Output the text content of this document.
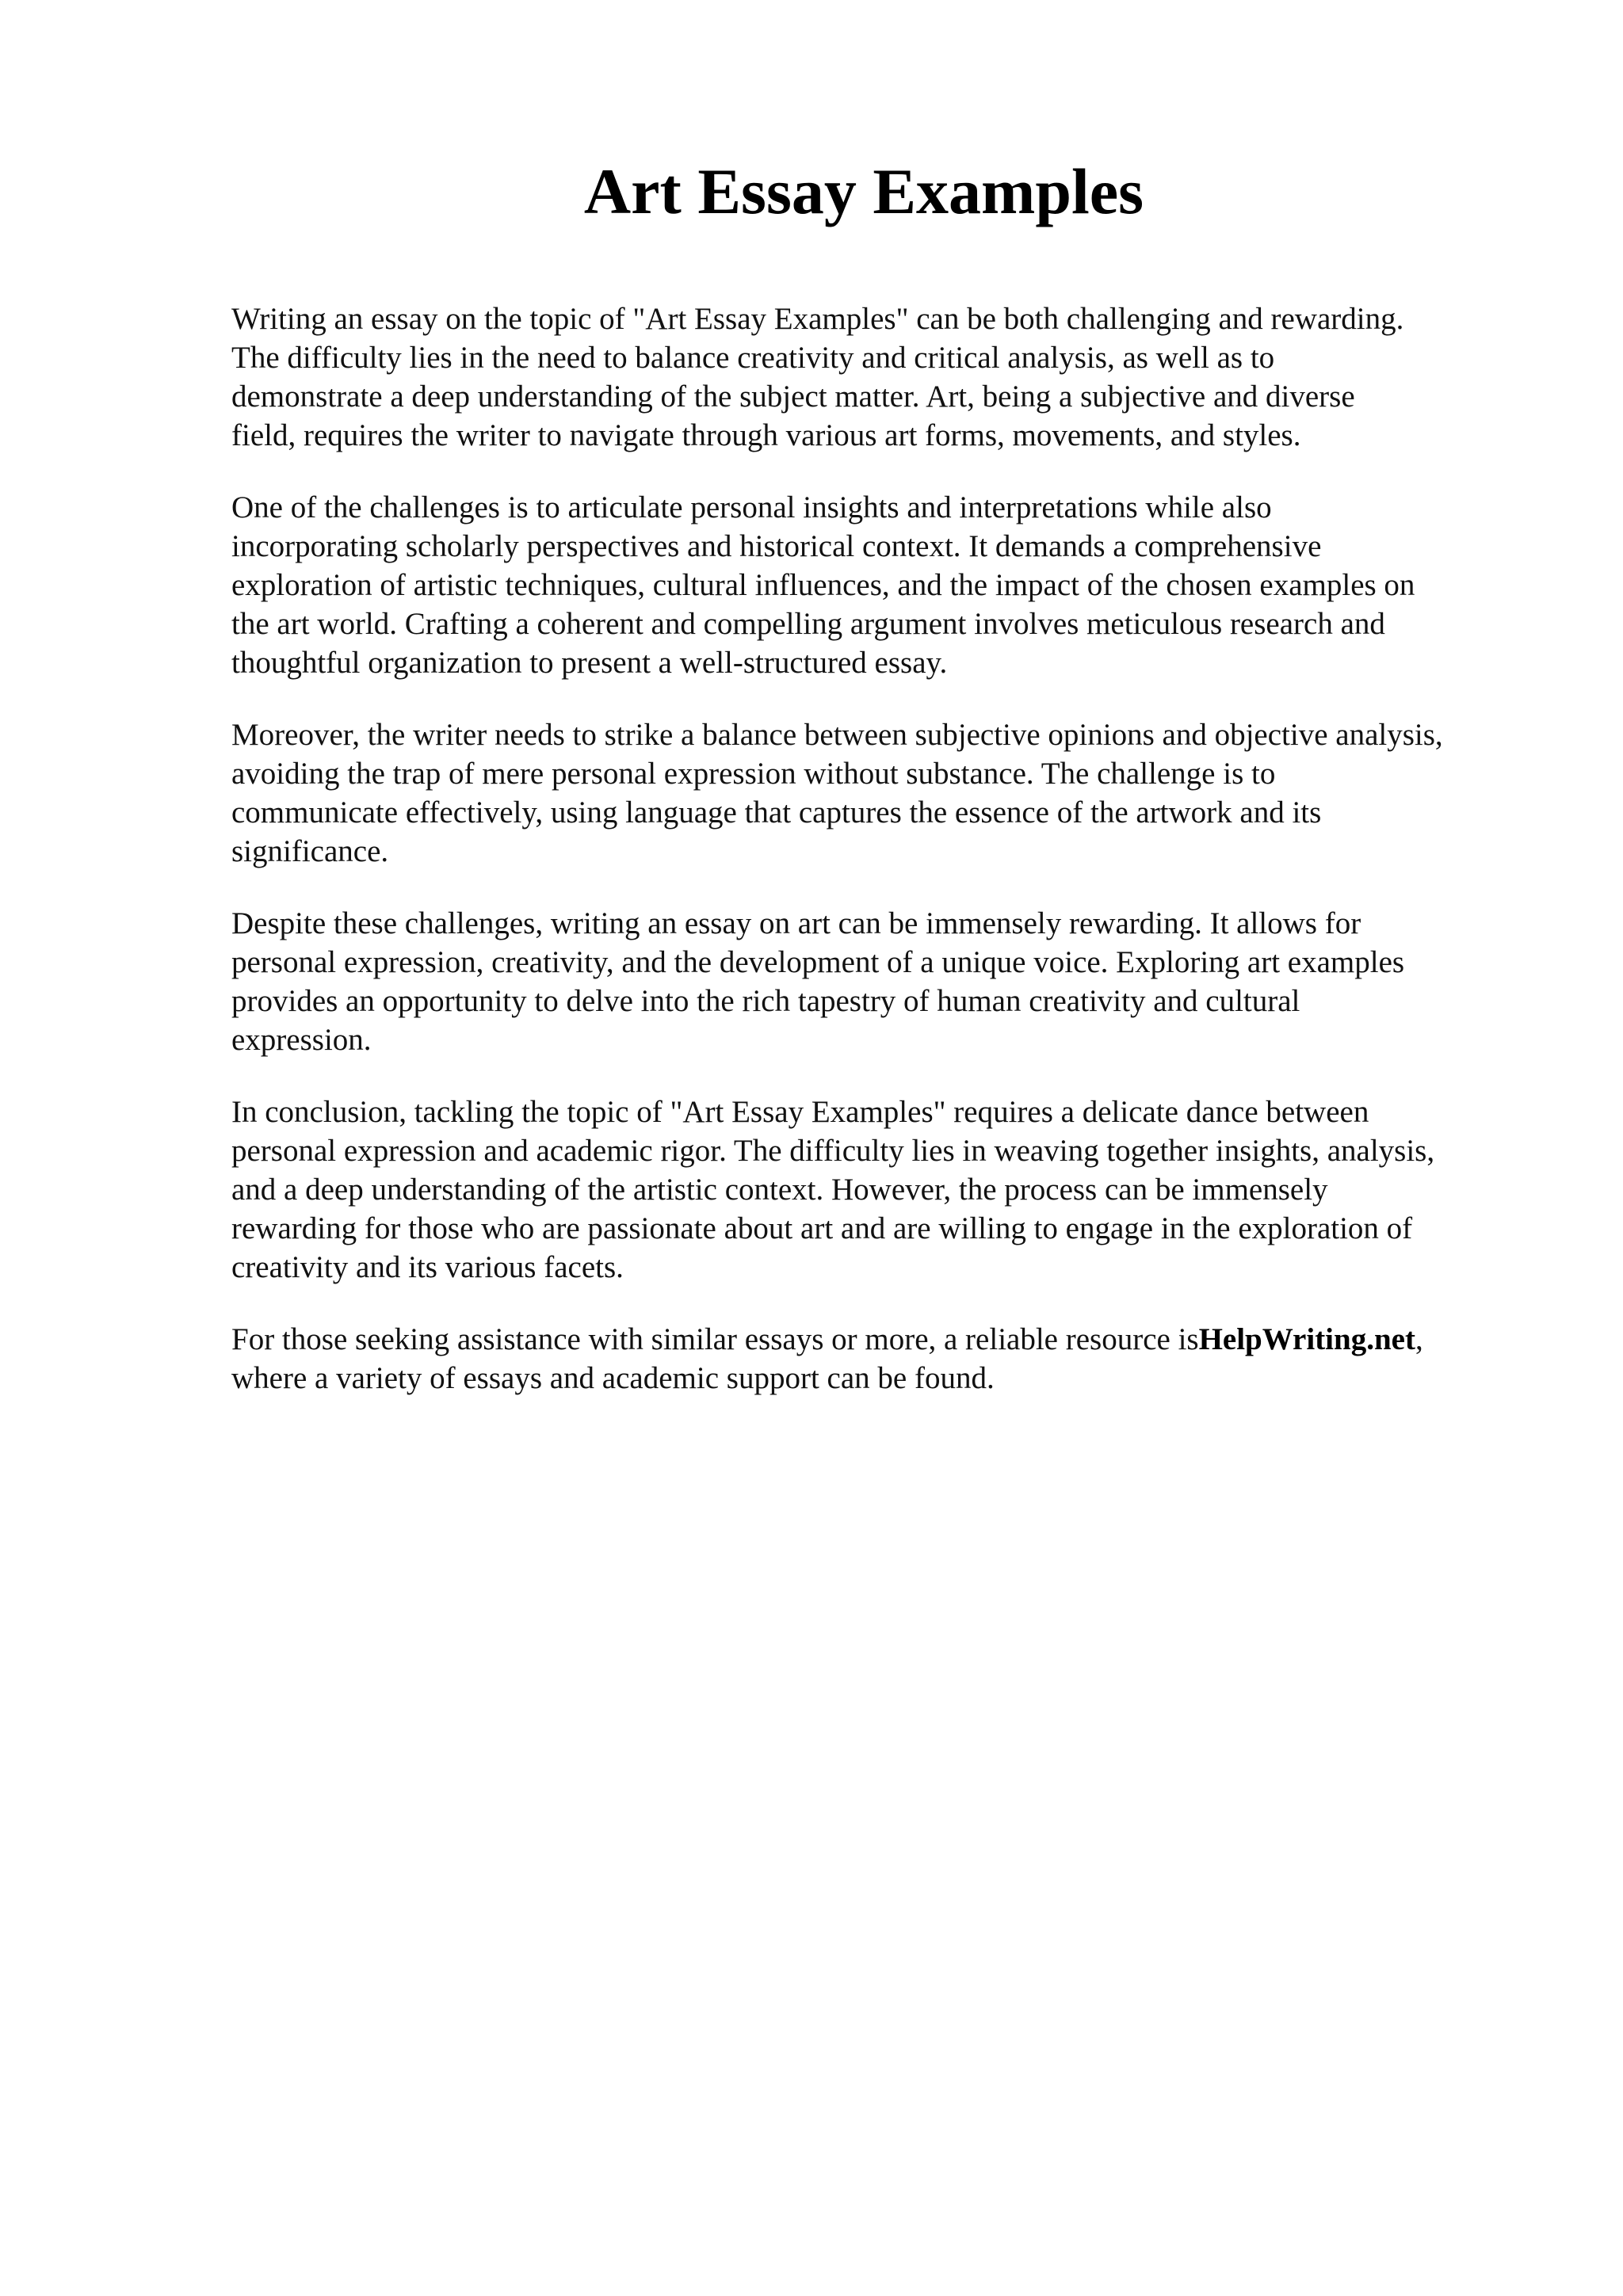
Art Essay Examples

Writing an essay on the topic of "Art Essay Examples" can be both challenging and rewarding.
The difficulty lies in the need to balance creativity and critical analysis, as well as to
demonstrate a deep understanding of the subject matter. Art, being a subjective and diverse
field, requires the writer to navigate through various art forms, movements, and styles.

One of the challenges is to articulate personal insights and interpretations while also
incorporating scholarly perspectives and historical context. It demands a comprehensive
exploration of artistic techniques, cultural influences, and the impact of the chosen examples on
the art world. Crafting a coherent and compelling argument involves meticulous research and
thoughtful organization to present a well-structured essay.

Moreover, the writer needs to strike a balance between subjective opinions and objective analysis,
avoiding the trap of mere personal expression without substance. The challenge is to
communicate effectively, using language that captures the essence of the artwork and its
significance.

Despite these challenges, writing an essay on art can be immensely rewarding. It allows for
personal expression, creativity, and the development of a unique voice. Exploring art examples
provides an opportunity to delve into the rich tapestry of human creativity and cultural
expression.

In conclusion, tackling the topic of "Art Essay Examples" requires a delicate dance between
personal expression and academic rigor. The difficulty lies in weaving together insights, analysis,
and a deep understanding of the artistic context. However, the process can be immensely
rewarding for those who are passionate about art and are willing to engage in the exploration of
creativity and its various facets.

For those seeking assistance with similar essays or more, a reliable resource isHelpWriting.net,
where a variety of essays and academic support can be found.
